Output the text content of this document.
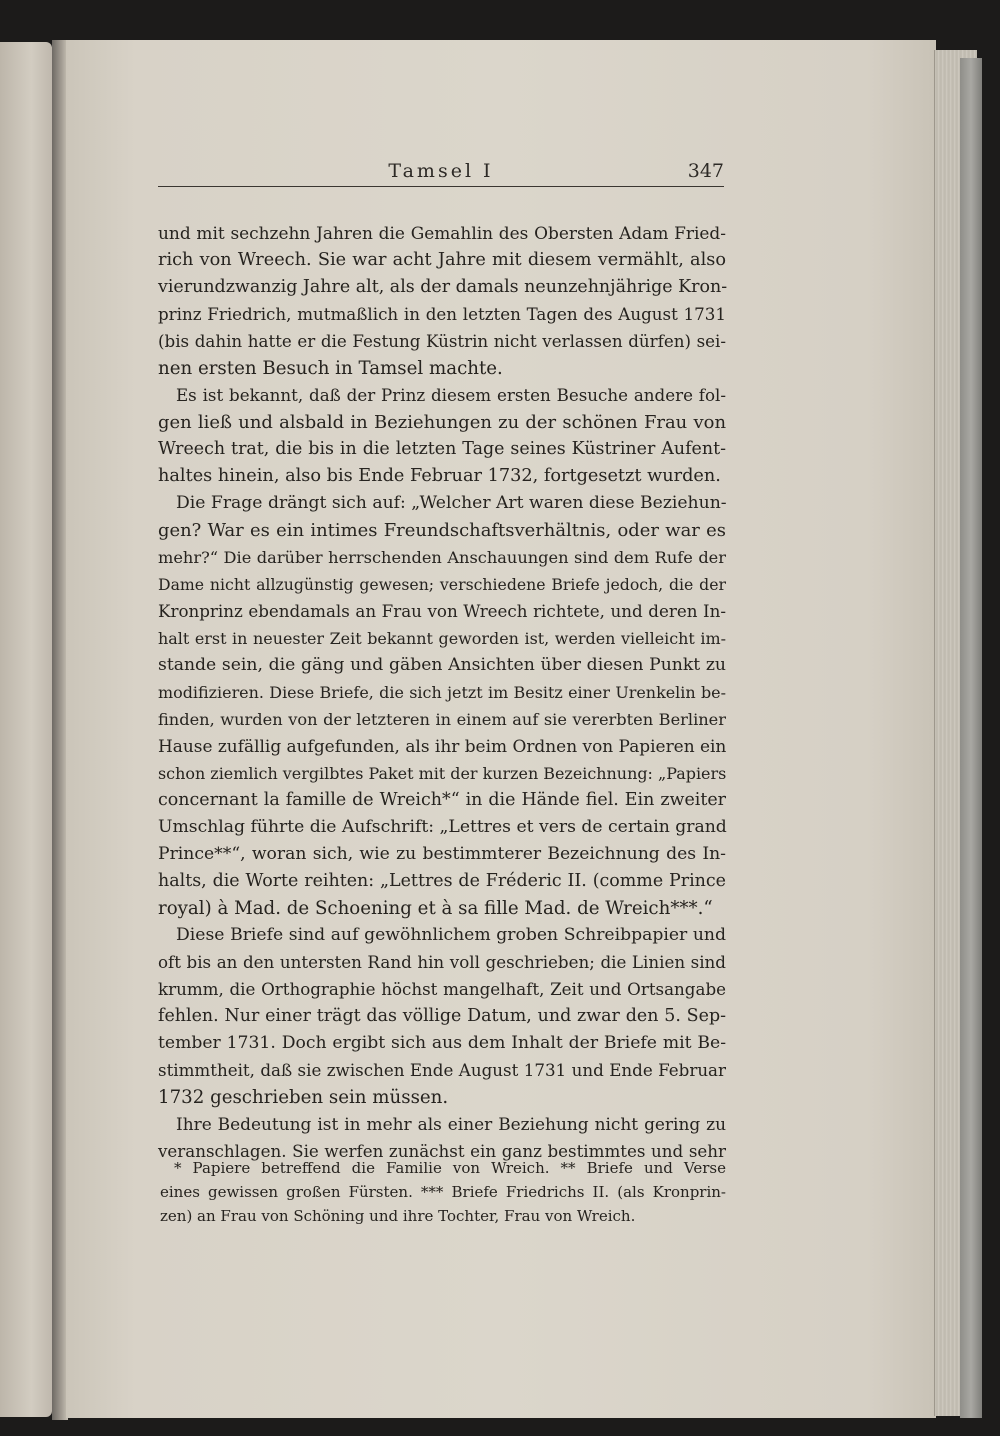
Tamsel I	347
und mit sechzehn Jahren die Gemahlin des Obersten Adam Fried-
rich von Wreech. Sie war acht Jahre mit diesem vermählt, also
vierundzwanzig Jahre alt, als der damals neunzehnjährige Kron-
prinz Friedrich, mutmaßlich in den letzten Tagen des August 1731
(bis dahin hatte er die Festung Küstrin nicht verlassen dürfen) sei-
nen ersten Besuch in Tamsel machte.
Es ist bekannt, daß der Prinz diesem ersten Besuche andere fol-
gen ließ und alsbald in Beziehungen zu der schönen Frau von
Wreech trat, die bis in die letzten Tage seines Küstriner Aufent-
haltes hinein, also bis Ende Februar 1732, fortgesetzt wurden.
Die Frage drängt sich auf: „Welcher Art waren diese Beziehun-
gen? War es ein intimes Freundschaftsverhältnis, oder war es
mehr?“ Die darüber herrschenden Anschauungen sind dem Rufe der
Dame nicht allzugünstig gewesen; verschiedene Briefe jedoch, die der
Kronprinz ebendamals an Frau von Wreech richtete, und deren In-
halt erst in neuester Zeit bekannt geworden ist, werden vielleicht im-
stande sein, die gäng und gäben Ansichten über diesen Punkt zu
modifizieren. Diese Briefe, die sich jetzt im Besitz einer Urenkelin be-
finden, wurden von der letzteren in einem auf sie vererbten Berliner
Hause zufällig aufgefunden, als ihr beim Ordnen von Papieren ein
schon ziemlich vergilbtes Paket mit der kurzen Bezeichnung: „Papiers
concernant la famille de Wreich*“ in die Hände fiel. Ein zweiter
Umschlag führte die Aufschrift: „Lettres et vers de certain grand
Prince**“, woran sich, wie zu bestimmterer Bezeichnung des In-
halts, die Worte reihten: „Lettres de Fréderic II. (comme Prince
royal) à Mad. de Schoening et à sa fille Mad. de Wreich***.“
Diese Briefe sind auf gewöhnlichem groben Schreibpapier und
oft bis an den untersten Rand hin voll geschrieben; die Linien sind
krumm, die Orthographie höchst mangelhaft, Zeit und Ortsangabe
fehlen. Nur einer trägt das völlige Datum, und zwar den 5. Sep-
tember 1731. Doch ergibt sich aus dem Inhalt der Briefe mit Be-
stimmtheit, daß sie zwischen Ende August 1731 und Ende Februar
1732 geschrieben sein müssen.
Ihre Bedeutung ist in mehr als einer Beziehung nicht gering zu
veranschlagen. Sie werfen zunächst ein ganz bestimmtes und sehr
* Papiere betreffend die Familie von Wreich. ** Briefe und Verse
eines gewissen großen Fürsten. *** Briefe Friedrichs II. (als Kronprin-
zen) an Frau von Schöning und ihre Tochter, Frau von Wreich.
